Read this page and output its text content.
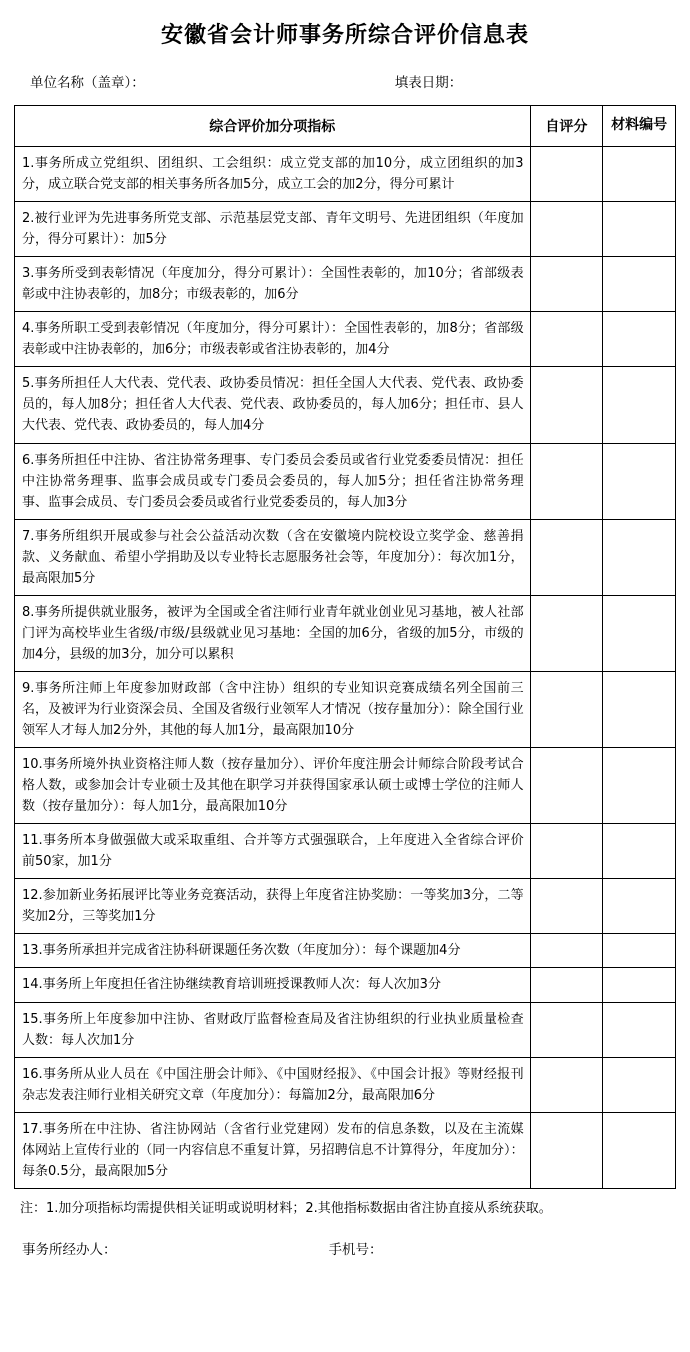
安徽省会计师事务所综合评价信息表
单位名称（盖章）：	填表日期：
综合评价加分项指标	自评分	材料编号
1.事务所成立党组织、团组织、工会组织：成立党支部的加10分，成立团组织的加3分，成立联合党支部的相关事务所各加5分，成立工会的加2分，得分可累计		
2.被行业评为先进事务所党支部、示范基层党支部、青年文明号、先进团组织（年度加分，得分可累计）：加5分		
3.事务所受到表彰情况（年度加分，得分可累计）：全国性表彰的，加10分；省部级表彰或中注协表彰的，加8分；市级表彰的，加6分		
4.事务所职工受到表彰情况（年度加分，得分可累计）：全国性表彰的，加8分；省部级表彰或中注协表彰的，加6分；市级表彰或省注协表彰的，加4分		
5.事务所担任人大代表、党代表、政协委员情况：担任全国人大代表、党代表、政协委员的，每人加8分；担任省人大代表、党代表、政协委员的，每人加6分；担任市、县人大代表、党代表、政协委员的，每人加4分		
6.事务所担任中注协、省注协常务理事、专门委员会委员或省行业党委委员情况：担任中注协常务理事、监事会成员或专门委员会委员的，每人加5分；担任省注协常务理事、监事会成员、专门委员会委员或省行业党委委员的，每人加3分		
7.事务所组织开展或参与社会公益活动次数（含在安徽境内院校设立奖学金、慈善捐款、义务献血、希望小学捐助及以专业特长志愿服务社会等，年度加分）：每次加1分，最高限加5分		
8.事务所提供就业服务，被评为全国或全省注师行业青年就业创业见习基地，被人社部门评为高校毕业生省级/市级/县级就业见习基地：全国的加6分，省级的加5分，市级的加4分，县级的加3分，加分可以累积		
9.事务所注师上年度参加财政部（含中注协）组织的专业知识竞赛成绩名列全国前三名，及被评为行业资深会员、全国及省级行业领军人才情况（按存量加分）：除全国行业领军人才每人加2分外，其他的每人加1分，最高限加10分		
10.事务所境外执业资格注师人数（按存量加分）、评价年度注册会计师综合阶段考试合格人数，或参加会计专业硕士及其他在职学习并获得国家承认硕士或博士学位的注师人数（按存量加分）：每人加1分，最高限加10分		
11.事务所本身做强做大或采取重组、合并等方式强强联合，上年度进入全省综合评价前50家，加1分		
12.参加新业务拓展评比等业务竞赛活动，获得上年度省注协奖励：一等奖加3分，二等奖加2分，三等奖加1分		
13.事务所承担并完成省注协科研课题任务次数（年度加分）：每个课题加4分		
14.事务所上年度担任省注协继续教育培训班授课教师人次：每人次加3分		
15.事务所上年度参加中注协、省财政厅监督检查局及省注协组织的行业执业质量检查人数：每人次加1分		
16.事务所从业人员在《中国注册会计师》、《中国财经报》、《中国会计报》等财经报刊杂志发表注师行业相关研究文章（年度加分）：每篇加2分，最高限加6分		
17.事务所在中注协、省注协网站（含省行业党建网）发布的信息条数，以及在主流媒体网站上宣传行业的（同一内容信息不重复计算，另招聘信息不计算得分，年度加分）：每条0.5分，最高限加5分		
注：1.加分项指标均需提供相关证明或说明材料；2.其他指标数据由省注协直接从系统获取。
事务所经办人：	手机号：
